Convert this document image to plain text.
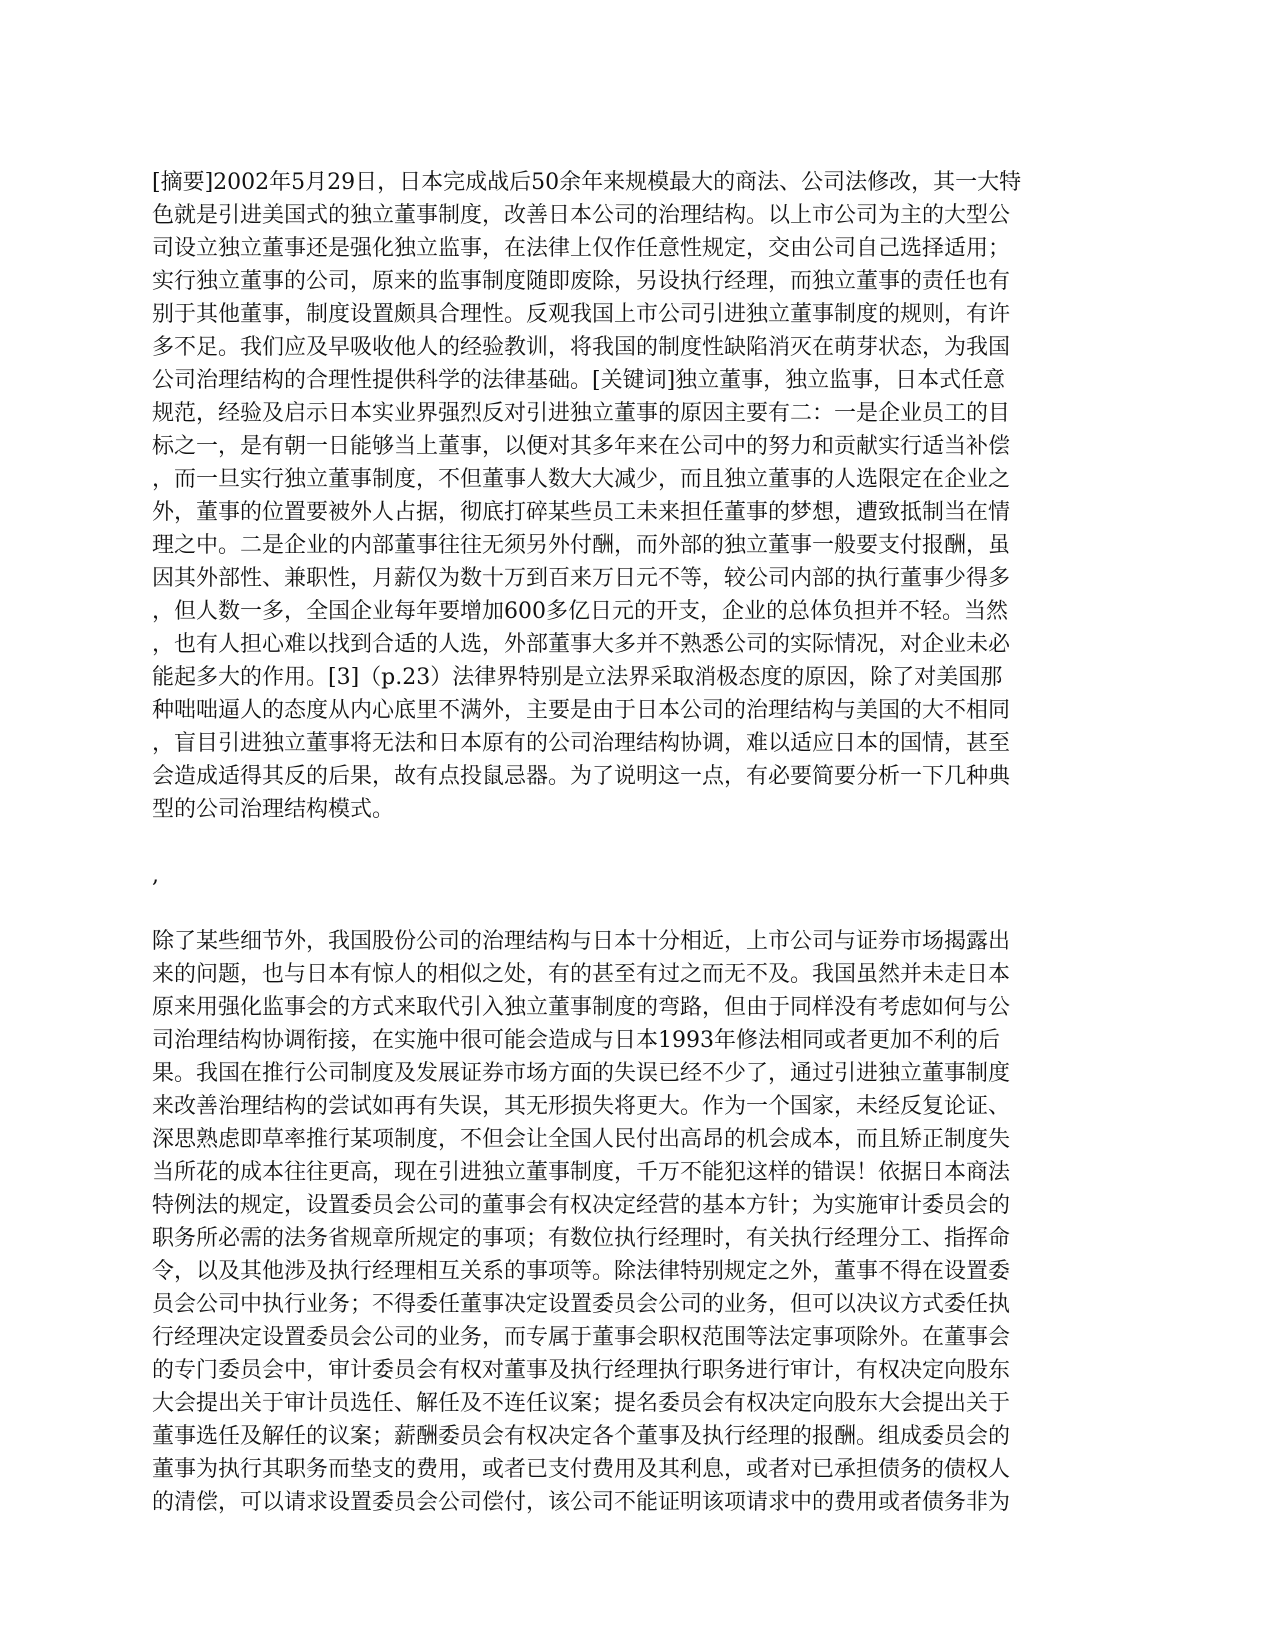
[摘要]2002年5月29日，日本完成战后50余年来规模最大的商法、公司法修改，其一大特
色就是引进美国式的独立董事制度，改善日本公司的治理结构。以上市公司为主的大型公
司设立独立董事还是强化独立监事，在法律上仅作任意性规定，交由公司自己选择适用；
实行独立董事的公司，原来的监事制度随即废除，另设执行经理，而独立董事的责任也有
别于其他董事，制度设置颇具合理性。反观我国上市公司引进独立董事制度的规则，有许
多不足。我们应及早吸收他人的经验教训，将我国的制度性缺陷消灭在萌芽状态，为我国
公司治理结构的合理性提供科学的法律基础。[关键词]独立董事，独立监事，日本式任意
规范，经验及启示日本实业界强烈反对引进独立董事的原因主要有二：一是企业员工的目
标之一，是有朝一日能够当上董事，以便对其多年来在公司中的努力和贡献实行适当补偿
，而一旦实行独立董事制度，不但董事人数大大减少，而且独立董事的人选限定在企业之
外，董事的位置要被外人占据，彻底打碎某些员工未来担任董事的梦想，遭致抵制当在情
理之中。二是企业的内部董事往往无须另外付酬，而外部的独立董事一般要支付报酬，虽
因其外部性、兼职性，月薪仅为数十万到百来万日元不等，较公司内部的执行董事少得多
，但人数一多，全国企业每年要增加600多亿日元的开支，企业的总体负担并不轻。当然
，也有人担心难以找到合适的人选，外部董事大多并不熟悉公司的实际情况，对企业未必
能起多大的作用。[3]（p.23）法律界特别是立法界采取消极态度的原因，除了对美国那
种咄咄逼人的态度从内心底里不满外，主要是由于日本公司的治理结构与美国的大不相同
，盲目引进独立董事将无法和日本原有的公司治理结构协调，难以适应日本的国情，甚至
会造成适得其反的后果，故有点投鼠忌器。为了说明这一点，有必要简要分析一下几种典
型的公司治理结构模式。

,

除了某些细节外，我国股份公司的治理结构与日本十分相近，上市公司与证券市场揭露出
来的问题，也与日本有惊人的相似之处，有的甚至有过之而无不及。我国虽然并未走日本
原来用强化监事会的方式来取代引入独立董事制度的弯路，但由于同样没有考虑如何与公
司治理结构协调衔接，在实施中很可能会造成与日本1993年修法相同或者更加不利的后
果。我国在推行公司制度及发展证券市场方面的失误已经不少了，通过引进独立董事制度
来改善治理结构的尝试如再有失误，其无形损失将更大。作为一个国家，未经反复论证、
深思熟虑即草率推行某项制度，不但会让全国人民付出高昂的机会成本，而且矫正制度失
当所花的成本往往更高，现在引进独立董事制度，千万不能犯这样的错误！依据日本商法
特例法的规定，设置委员会公司的董事会有权决定经营的基本方针；为实施审计委员会的
职务所必需的法务省规章所规定的事项；有数位执行经理时，有关执行经理分工、指挥命
令，以及其他涉及执行经理相互关系的事项等。除法律特别规定之外，董事不得在设置委
员会公司中执行业务；不得委任董事决定设置委员会公司的业务，但可以决议方式委任执
行经理决定设置委员会公司的业务，而专属于董事会职权范围等法定事项除外。在董事会
的专门委员会中，审计委员会有权对董事及执行经理执行职务进行审计，有权决定向股东
大会提出关于审计员选任、解任及不连任议案；提名委员会有权决定向股东大会提出关于
董事选任及解任的议案；薪酬委员会有权决定各个董事及执行经理的报酬。组成委员会的
董事为执行其职务而垫支的费用，或者已支付费用及其利息，或者对已承担债务的债权人
的清偿，可以请求设置委员会公司偿付，该公司不能证明该项请求中的费用或者债务非为
